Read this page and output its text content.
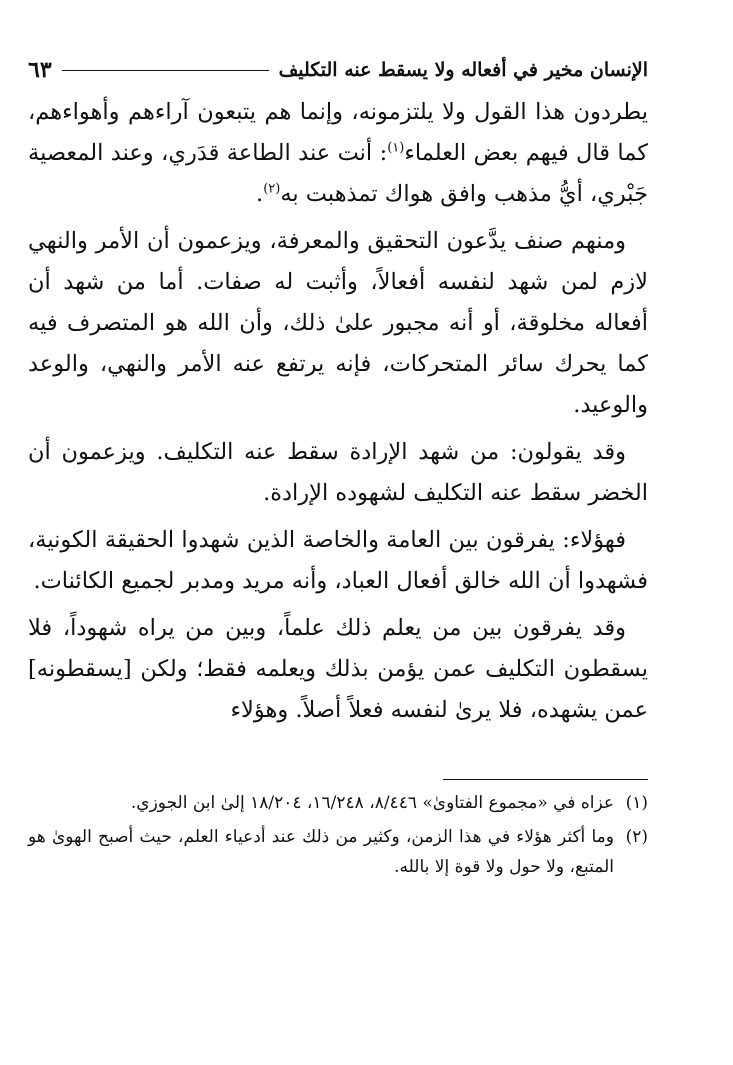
الإنسان مخير في أفعاله ولا يسقط عنه التكليف
٦٣

يطردون هذا القول ولا يلتزمونه، وإنما هم يتبعون آراءهم وأهواءهم، كما قال فيهم بعض العلماء$^{(١)}$: أنت عند الطاعة قدَري، وعند المعصية جَبْري، أيُّ مذهب وافق هواك تمذهبت به$^{(٢)}$.

ومنهم صنف يدَّعون التحقيق والمعرفة، ويزعمون أن الأمر والنهي لازم لمن شهد لنفسه أفعالاً، وأثبت له صفات. أما من شهد أن أفعاله مخلوقة، أو أنه مجبور علىٰ ذلك، وأن الله هو المتصرف فيه كما يحرك سائر المتحركات، فإنه يرتفع عنه الأمر والنهي، والوعد والوعيد.

وقد يقولون: من شهد الإرادة سقط عنه التكليف. ويزعمون أن الخضر سقط عنه التكليف لشهوده الإرادة.

فهؤلاء: يفرقون بين العامة والخاصة الذين شهدوا الحقيقة الكونية، فشهدوا أن الله خالق أفعال العباد، وأنه مريد ومدبر لجميع الكائنات.

وقد يفرقون بين من يعلم ذلك علماً، وبين من يراه شهوداً، فلا يسقطون التكليف عمن يؤمن بذلك ويعلمه فقط؛ ولكن [يسقطونه] عمن يشهده، فلا يرىٰ لنفسه فعلاً أصلاً. وهؤلاء

(١)
عزاه في «مجموع الفتاوىٰ» ٨/٤٤٦، ١٦/٢٤٨، ١٨/٢٠٤ إلىٰ ابن الجوزي.
(٢)
وما أكثر هؤلاء في هذا الزمن، وكثير من ذلك عند أدعياء العلم، حيث أصبح الهوىٰ هو المتبع، ولا حول ولا قوة إلا بالله.
